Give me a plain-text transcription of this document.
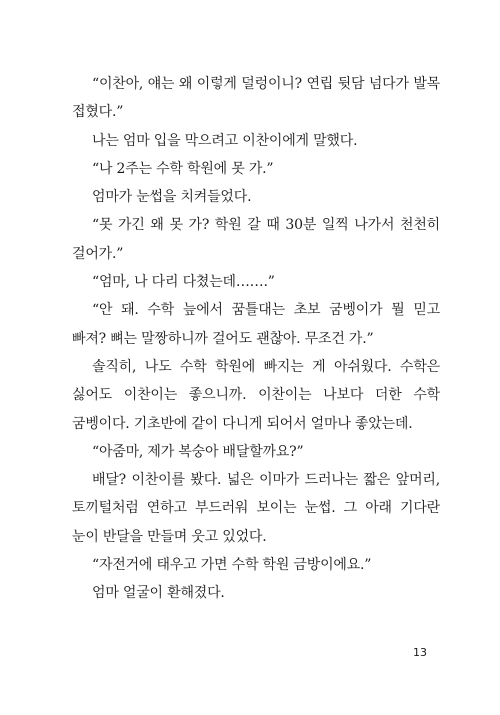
“이찬아, 얘는 왜 이렇게 덜렁이니? 연립 뒷담 넘다가 발목 접혔다.”

나는 엄마 입을 막으려고 이찬이에게 말했다.

“나 2주는 수학 학원에 못 가.”

엄마가 눈썹을 치켜들었다.

“못 가긴 왜 못 가? 학원 갈 때 30분 일찍 나가서 천천히 걸어가.”

“엄마, 나 다리 다쳤는데…….”

“안 돼. 수학 늪에서 꿈틀대는 초보 굼벵이가 뭘 믿고 빠져? 뼈는 말짱하니까 걸어도 괜찮아. 무조건 가.”

솔직히, 나도 수학 학원에 빠지는 게 아쉬웠다. 수학은 싫어도 이찬이는 좋으니까. 이찬이는 나보다 더한 수학 굼벵이다. 기초반에 같이 다니게 되어서 얼마나 좋았는데.

“아줌마, 제가 복숭아 배달할까요?”

배달? 이찬이를 봤다. 넓은 이마가 드러나는 짧은 앞머리, 토끼털처럼 연하고 부드러워 보이는 눈썹. 그 아래 기다란 눈이 반달을 만들며 웃고 있었다.

“자전거에 태우고 가면 수학 학원 금방이에요.”

엄마 얼굴이 환해졌다.

13
